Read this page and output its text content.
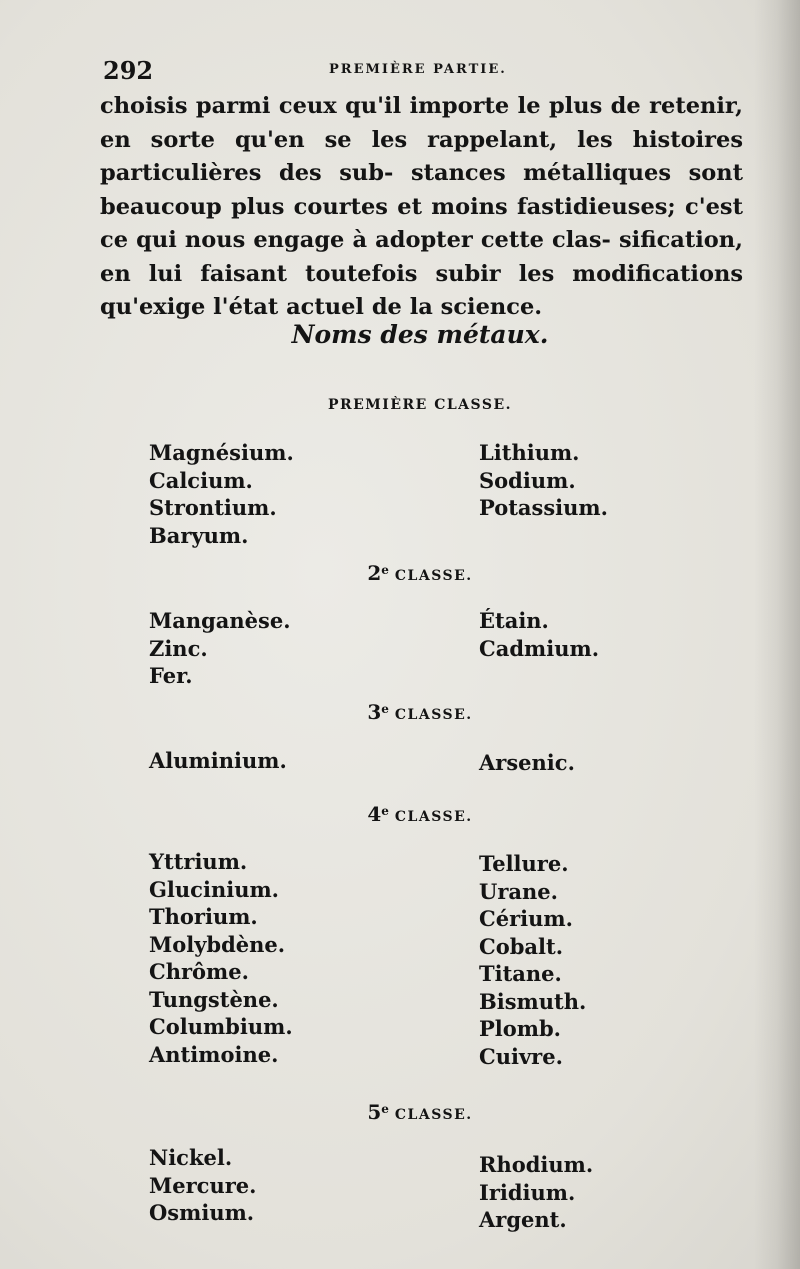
292	PREMIÈRE PARTIE.

choisis parmi ceux qu'il importe le plus de retenir, en sorte qu'en se les rappelant, les histoires particulières des sub- stances métalliques sont beaucoup plus courtes et moins fastidieuses; c'est ce qui nous engage à adopter cette clas- sification, en lui faisant toutefois subir les modifications qu'exige l'état actuel de la science.

Noms des métaux.
PREMIÈRE CLASSE.
Magnésium.
Calcium.
Strontium.
Baryum.
Lithium.
Sodium.
Potassium.
2e CLASSE.
Manganèse.
Zinc.
Fer.
Étain.
Cadmium.
3e CLASSE.
Aluminium.	Arsenic.
4e CLASSE.
Yttrium.
Glucinium.
Thorium.
Molybdène.
Chrôme.
Tungstène.
Columbium.
Antimoine.
Tellure.
Urane.
Cérium.
Cobalt.
Titane.
Bismuth.
Plomb.
Cuivre.
5e CLASSE.
Nickel.
Mercure.
Osmium.
Rhodium.
Iridium.
Argent.
